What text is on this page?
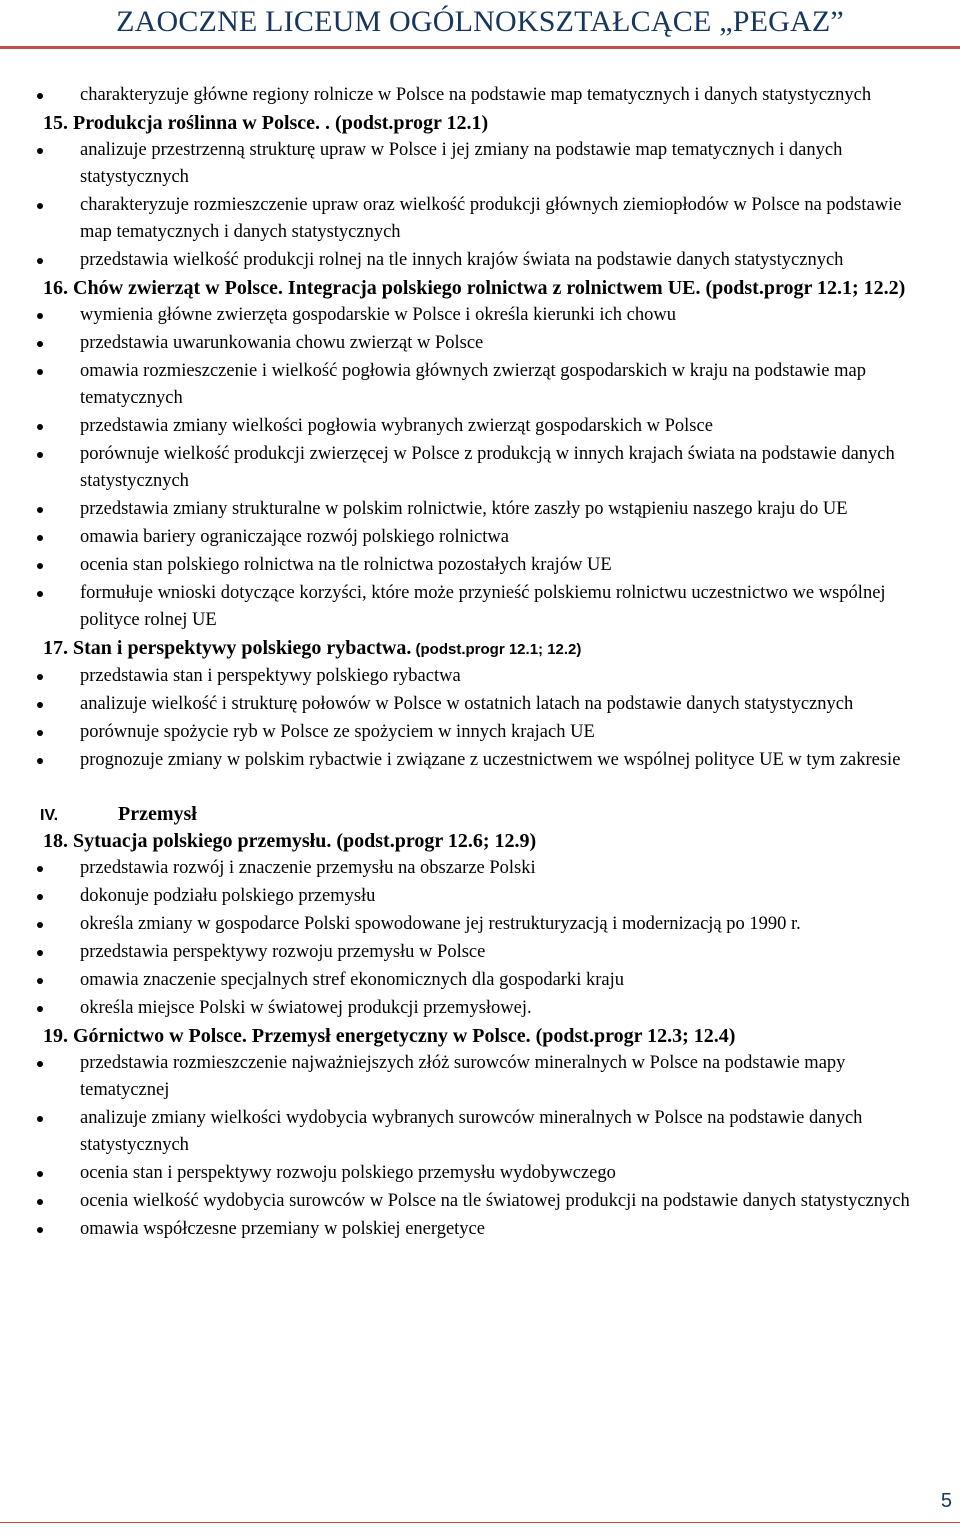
ZAOCZNE LICEUM OGÓLNOKSZTAŁCĄCE „PEGAZ”
charakteryzuje główne regiony rolnicze w Polsce na podstawie map tematycznych i danych statystycznych
15. Produkcja roślinna w Polsce. . (podst.progr 12.1)
analizuje przestrzenną strukturę upraw w Polsce i jej zmiany na podstawie map tematycznych i danych statystycznych
charakteryzuje rozmieszczenie upraw oraz wielkość produkcji głównych ziemiopłodów w Polsce na podstawie map tematycznych i danych statystycznych
przedstawia wielkość produkcji rolnej na tle innych krajów świata na podstawie danych statystycznych
16. Chów zwierząt w Polsce. Integracja polskiego rolnictwa z rolnictwem UE. (podst.progr 12.1; 12.2)
wymienia główne zwierzęta gospodarskie w Polsce i określa kierunki ich chowu
przedstawia uwarunkowania chowu zwierząt w Polsce
omawia rozmieszczenie i wielkość pogłowia głównych zwierząt gospodarskich w kraju na podstawie map tematycznych
przedstawia zmiany wielkości pogłowia wybranych zwierząt gospodarskich w Polsce
porównuje wielkość produkcji zwierzęcej w Polsce z produkcją w innych krajach świata na podstawie danych statystycznych
przedstawia zmiany strukturalne w polskim rolnictwie, które zaszły po wstąpieniu naszego kraju do UE
omawia bariery ograniczające rozwój polskiego rolnictwa
ocenia stan polskiego rolnictwa na tle rolnictwa pozostałych krajów UE
formułuje wnioski dotyczące korzyści, które może przynieść polskiemu rolnictwu uczestnictwo we wspólnej polityce rolnej UE
17. Stan i perspektywy polskiego rybactwa. (podst.progr 12.1; 12.2)
przedstawia stan i perspektywy polskiego rybactwa
analizuje wielkość i strukturę połowów w Polsce w ostatnich latach na podstawie danych statystycznych
porównuje spożycie ryb w Polsce ze spożyciem w innych krajach UE
prognozuje zmiany w polskim rybactwie i związane z uczestnictwem we wspólnej polityce UE w tym zakresie
IV.	Przemysł
18. Sytuacja polskiego przemysłu. (podst.progr 12.6; 12.9)
przedstawia rozwój i znaczenie przemysłu na obszarze Polski
dokonuje podziału polskiego przemysłu
określa zmiany w gospodarce Polski spowodowane jej restrukturyzacją i modernizacją po 1990 r.
przedstawia perspektywy rozwoju przemysłu w Polsce
omawia znaczenie specjalnych stref ekonomicznych dla gospodarki kraju
określa miejsce Polski w światowej produkcji przemysłowej.
19. Górnictwo w Polsce. Przemysł energetyczny w Polsce. (podst.progr 12.3; 12.4)
przedstawia rozmieszczenie najważniejszych złóż surowców mineralnych w Polsce na podstawie mapy tematycznej
analizuje zmiany wielkości wydobycia wybranych surowców mineralnych w Polsce na podstawie danych statystycznych
ocenia stan i perspektywy rozwoju polskiego przemysłu wydobywczego
ocenia wielkość wydobycia surowców w Polsce na tle światowej produkcji na podstawie danych statystycznych
omawia współczesne przemiany w polskiej energetyce
5
